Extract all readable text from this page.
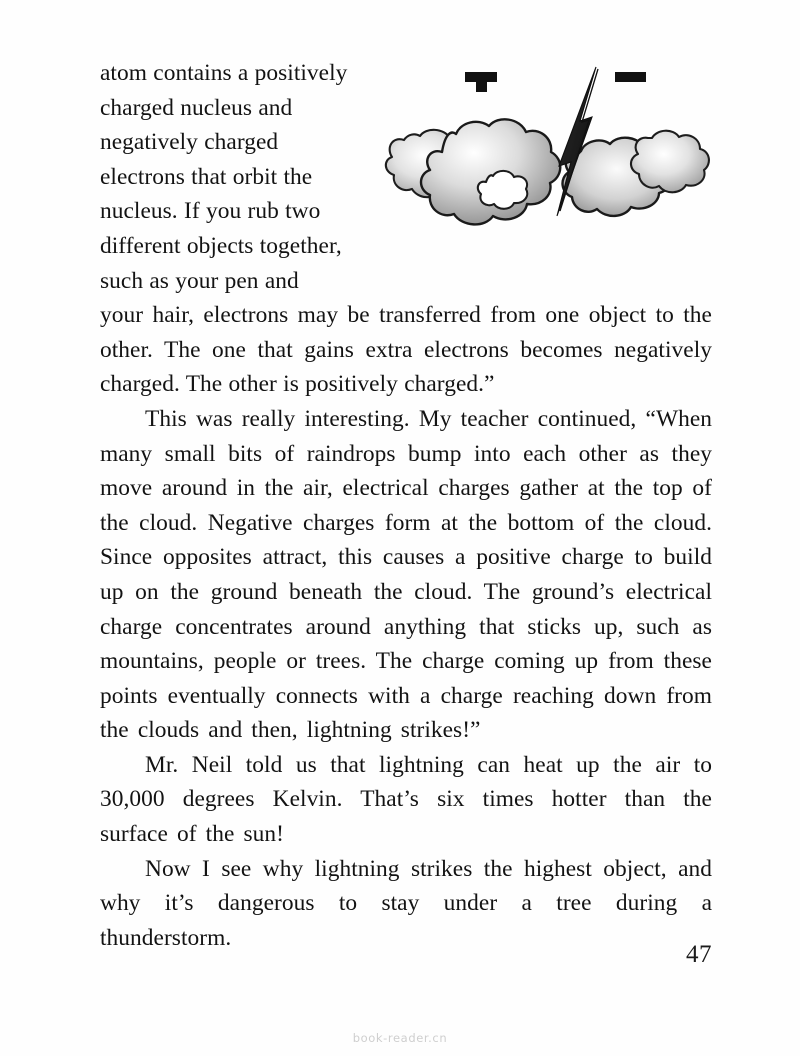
atom contains a positively charged nucleus and negatively charged electrons that orbit the nucleus. If you rub two different objects together, such as your pen and

your hair, electrons may be transferred from one object to the other. The one that gains extra electrons becomes negatively charged. The other is positively charged.”

This was really interesting. My teacher continued, “When many small bits of raindrops bump into each other as they move around in the air, electrical charges gather at the top of the cloud. Negative charges form at the bottom of the cloud. Since opposites attract, this causes a positive charge to build up on the ground beneath the cloud. The ground’s electrical charge concentrates around anything that sticks up, such as mountains, people or trees. The charge coming up from these points eventually connects with a charge reaching down from the clouds and then, lightning strikes!”

Mr. Neil told us that lightning can heat up the air to 30,000 degrees Kelvin. That’s six times hotter than the surface of the sun!

Now I see why lightning strikes the highest object, and why it’s dangerous to stay under a tree during a thunderstorm.

47
book-reader.cn
